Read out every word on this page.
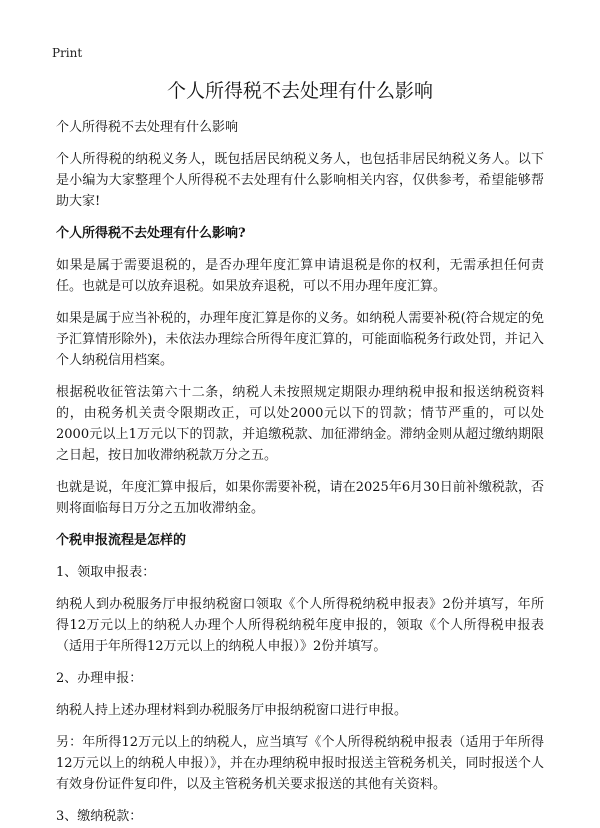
Print
个人所得税不去处理有什么影响

个人所得税不去处理有什么影响

个人所得税的纳税义务人，既包括居民纳税义务人，也包括非居民纳税义务人。以下是小编为大家整理个人所得税不去处理有什么影响相关内容，仅供参考，希望能够帮助大家!

个人所得税不去处理有什么影响?

如果是属于需要退税的，是否办理年度汇算申请退税是你的权利，无需承担任何责任。也就是可以放弃退税。如果放弃退税，可以不用办理年度汇算。

如果是属于应当补税的，办理年度汇算是你的义务。如纳税人需要补税(符合规定的免予汇算情形除外)，未依法办理综合所得年度汇算的，可能面临税务行政处罚，并记入个人纳税信用档案。

根据税收征管法第六十二条，纳税人未按照规定期限办理纳税申报和报送纳税资料的，由税务机关责令限期改正，可以处2000元以下的罚款；情节严重的，可以处2000元以上1万元以下的罚款，并追缴税款、加征滞纳金。滞纳金则从超过缴纳期限之日起，按日加收滞纳税款万分之五。

也就是说，年度汇算申报后，如果你需要补税，请在2025年6月30日前补缴税款，否则将面临每日万分之五加收滞纳金。

个税申报流程是怎样的

1、领取申报表：

纳税人到办税服务厅申报纳税窗口领取《个人所得税纳税申报表》2份并填写，年所得12万元以上的纳税人办理个人所得税纳税年度申报的，领取《个人所得税申报表（适用于年所得12万元以上的纳税人申报）》2份并填写。

2、办理申报：

纳税人持上述办理材料到办税服务厅申报纳税窗口进行申报。

另：年所得12万元以上的纳税人，应当填写《个人所得税纳税申报表（适用于年所得12万元以上的纳税人申报）》，并在办理纳税申报时报送主管税务机关，同时报送个人有效身份证件复印件，以及主管税务机关要求报送的其他有关资料。

3、缴纳税款：
